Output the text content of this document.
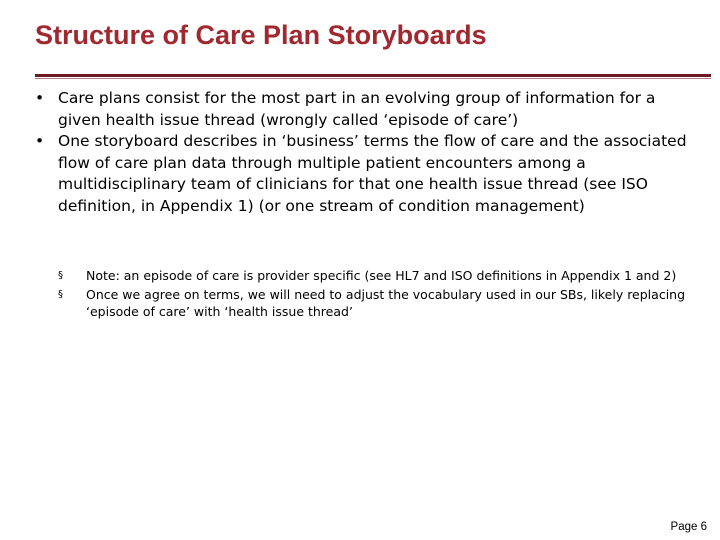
Structure of Care Plan Storyboards
• Care plans consist for the most part in an evolving group of information for a given health issue thread (wrongly called ‘episode of care’)
• One storyboard describes in ‘business’ terms the flow of care and the associated flow of care plan data through multiple patient encounters among a multidisciplinary team of clinicians for that one health issue thread (see ISO definition, in Appendix 1) (or one stream of condition management)
§ Note: an episode of care is provider specific (see HL7 and ISO definitions in Appendix 1 and 2)
§ Once we agree on terms, we will need to adjust the vocabulary used in our SBs, likely replacing ‘episode of care’ with ‘health issue thread’
Page 6
